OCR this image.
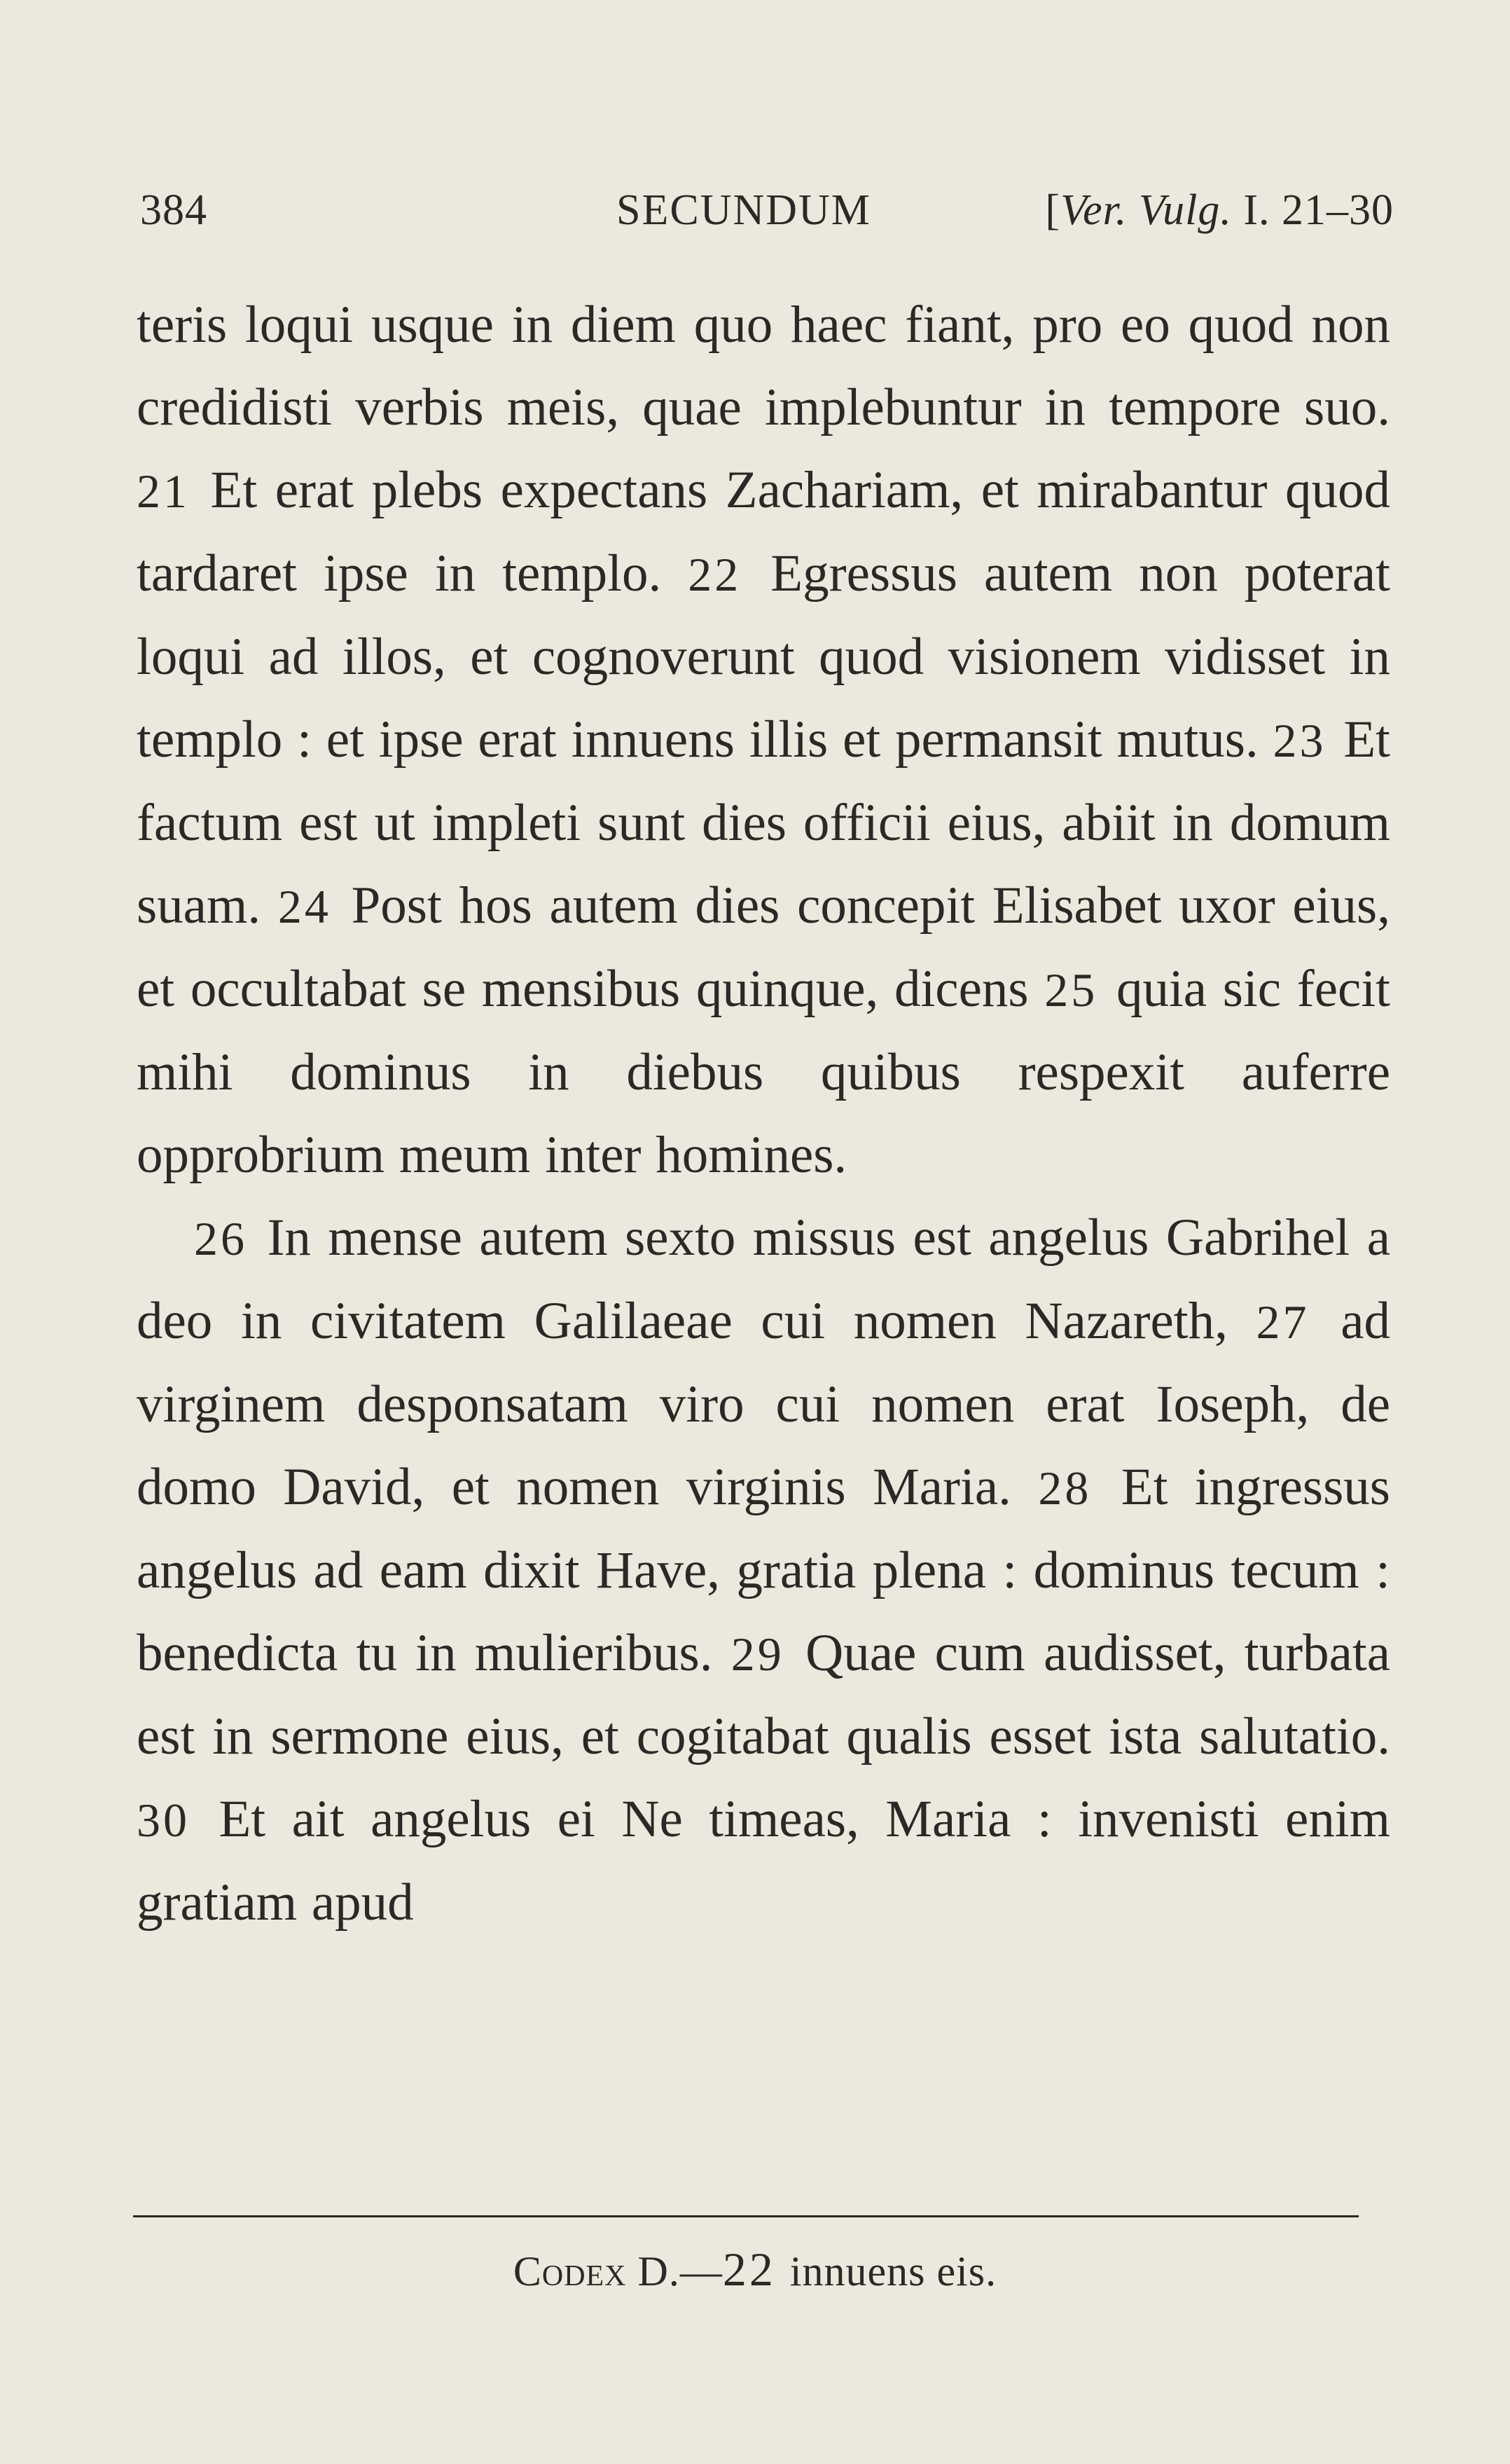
384	SECUNDUM	[Ver. Vulg. I. 21–30

teris loqui usque in diem quo haec fiant, pro eo quod non credidisti verbis meis, quae implebuntur in tempore suo. 21 Et erat plebs expectans Zachariam, et mirabantur quod tardaret ipse in templo. 22 Egressus autem non poterat loqui ad illos, et cognoverunt quod visionem vidisset in templo : et ipse erat innuens illis et permansit mutus. 23 Et factum est ut impleti sunt dies officii eius, abiit in domum suam. 24 Post hos autem dies concepit Elisabet uxor eius, et occultabat se mensibus quinque, dicens 25 quia sic fecit mihi dominus in diebus quibus respexit auferre opprobrium meum inter homines.

26 In mense autem sexto missus est angelus Gabrihel a deo in civitatem Galilaeae cui nomen Nazareth, 27 ad virginem desponsatam viro cui nomen erat Ioseph, de domo David, et nomen virginis Maria. 28 Et ingressus angelus ad eam dixit Have, gratia plena : dominus tecum : benedicta tu in mulieribus. 29 Quae cum audisset, turbata est in sermone eius, et cogitabat qualis esset ista salutatio. 30 Et ait angelus ei Ne timeas, Maria : invenisti enim gratiam apud

Codex D.—22 innuens eis.
